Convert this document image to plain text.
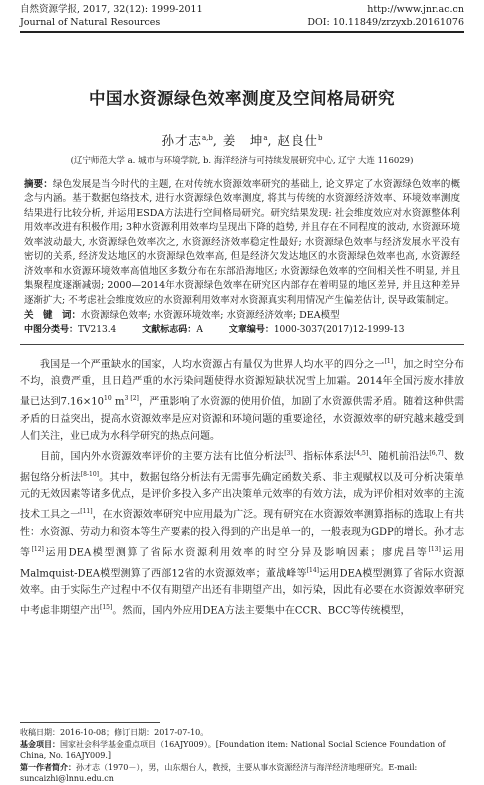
自然资源学报, 2017, 32(12): 1999-2011	http://www.jnr.ac.cn
Journal of Natural Resources	DOI: 10.11849/zrzyxb.20161076
中国水资源绿色效率测度及空间格局研究
孙才志$^{a,b}$, 姜　坤$^a$, 赵良仕$^b$
(辽宁师范大学 a. 城市与环境学院, b. 海洋经济与可持续发展研究中心, 辽宁 大连 116029)
摘要：绿色发展是当今时代的主题, 在对传统水资源效率研究的基础上, 论文界定了水资源绿色效率的概念与内涵。基于数据包络技术, 进行水资源绿色效率测度, 将其与传统的水资源经济效率、环境效率测度结果进行比较分析, 并运用ESDA方法进行空间格局研究。研究结果发现: 社会维度效应对水资源整体利用效率改进有积极作用; 3种水资源利用效率均呈现出下降的趋势, 并且存在不同程度的波动, 水资源环境效率波动最大, 水资源绿色效率次之, 水资源经济效率稳定性最好; 水资源绿色效率与经济发展水平没有密切的关系, 经济发达地区的水资源绿色效率高, 但是经济欠发达地区的水资源绿色效率也高, 水资源经济效率和水资源环境效率高值地区多数分布在东部沿海地区; 水资源绿色效率的空间相关性不明显, 并且集聚程度逐渐减弱; 2000—2014年水资源绿色效率在研究区内部存在着明显的地区差异, 并且这种差异逐渐扩大; 不考虑社会维度效应的水资源利用效率对水资源真实利用情况产生偏差估计, 误导政策制定。
关　键　词：水资源绿色效率; 水资源环境效率; 水资源经济效率; DEA模型
中图分类号：TV213.4	文献标志码：A	文章编号：1000-3037(2017)12-1999-13

我国是一个严重缺水的国家，人均水资源占有量仅为世界人均水平的四分之一[1]，加之时空分布不均，浪费严重，且日趋严重的水污染问题使得水资源短缺状况雪上加霜。2014年全国污废水排放量已达到$7.16\times 10^{10}$ $m^{3 [2]}$，严重影响了水资源的使用价值，加剧了水资源供需矛盾。随着这种供需矛盾的日益突出，提高水资源效率是应对资源和环境问题的重要途径，水资源效率的研究越来越受到人们关注，业已成为水科学研究的热点问题。

目前，国内外水资源效率评价的主要方法有比值分析法[3]、指标体系法[4,5]、随机前沿法[6,7]、数据包络分析法[8-10]。其中，数据包络分析法有无需事先确定函数关系、非主观赋权以及可分析决策单元的无效因素等诸多优点，是评价多投入多产出决策单元效率的有效方法，成为评价相对效率的主流技术工具之一[11]，在水资源效率研究中应用最为广泛。现有研究在水资源效率测算指标的选取上有共性：水资源、劳动力和资本等生产要素的投入得到的产出是单一的，一般表现为GDP的增长。孙才志等[12]运用DEA模型测算了省际水资源利用效率的时空分异及影响因素；廖虎昌等[13]运用Malmquist-DEA模型测算了西部12省的水资源效率；董战峰等[14]运用DEA模型测算了省际水资源效率。由于实际生产过程中不仅有期望产出还有非期望产出，如污染，因此有必要在水资源效率研究中考虑非期望产出[15]。然而，国内外应用DEA方法主要集中在CCR、BCC等传统模型，

收稿日期：2016-10-08；修订日期：2017-07-10。

基金项目：国家社会科学基金重点项目（16AJY009）。[Foundation item: National Social Science Foundation of China, No. 16AJY009.]

第一作者简介：孙才志（1970－），男，山东烟台人，教授，主要从事水资源经济与海洋经济地理研究。E-mail: suncaizhi@lnnu.edu.cn
